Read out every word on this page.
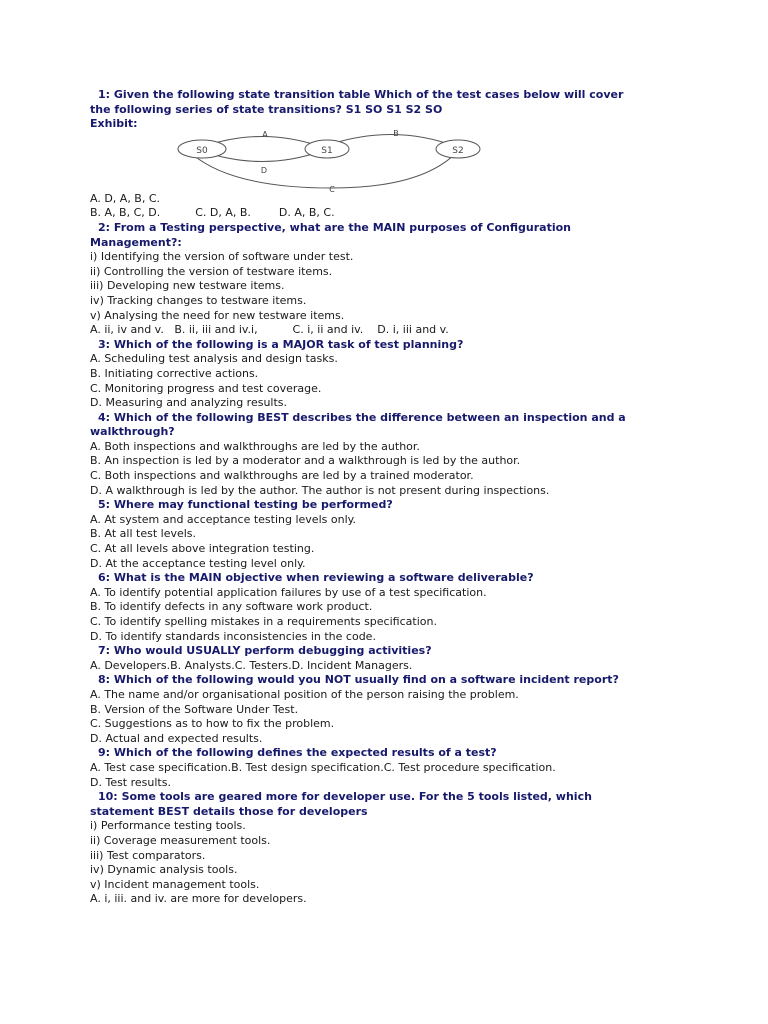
1: Given the following state transition table Which of the test cases below will cover

the following series of state transitions? S1 SO S1 S2 SO

Exhibit:

S0	S1	S2
A	B
D
C

A. D, A, B, C.

B. A, B, C, D.          C. D, A, B.        D. A, B, C.

2: From a Testing perspective, what are the MAIN purposes of Configuration

Management?:

i) Identifying the version of software under test.

ii) Controlling the version of testware items.

iii) Developing new testware items.

iv) Tracking changes to testware items.

v) Analysing the need for new testware items.

A. ii, iv and v.   B. ii, iii and iv.i,          C. i, ii and iv.    D. i, iii and v.

3: Which of the following is a MAJOR task of test planning?

A. Scheduling test analysis and design tasks.

B. Initiating corrective actions.

C. Monitoring progress and test coverage.

D. Measuring and analyzing results.

4: Which of the following BEST describes the difference between an inspection and a

walkthrough?

A. Both inspections and walkthroughs are led by the author.

B. An inspection is led by a moderator and a walkthrough is led by the author.

C. Both inspections and walkthroughs are led by a trained moderator.

D. A walkthrough is led by the author. The author is not present during inspections.

5: Where may functional testing be performed?

A. At system and acceptance testing levels only.

B. At all test levels.

C. At all levels above integration testing.

D. At the acceptance testing level only.

6: What is the MAIN objective when reviewing a software deliverable?

A. To identify potential application failures by use of a test specification.

B. To identify defects in any software work product.

C. To identify spelling mistakes in a requirements specification.

D. To identify standards inconsistencies in the code.

7: Who would USUALLY perform debugging activities?

A. Developers.B. Analysts.C. Testers.D. Incident Managers.

8: Which of the following would you NOT usually find on a software incident report?

A. The name and/or organisational position of the person raising the problem.

B. Version of the Software Under Test.

C. Suggestions as to how to fix the problem.

D. Actual and expected results.

9: Which of the following defines the expected results of a test?

A. Test case specification.B. Test design specification.C. Test procedure specification.

D. Test results.

10: Some tools are geared more for developer use. For the 5 tools listed, which

statement BEST details those for developers

i) Performance testing tools.

ii) Coverage measurement tools.

iii) Test comparators.

iv) Dynamic analysis tools.

v) Incident management tools.

A. i, iii. and iv. are more for developers.
